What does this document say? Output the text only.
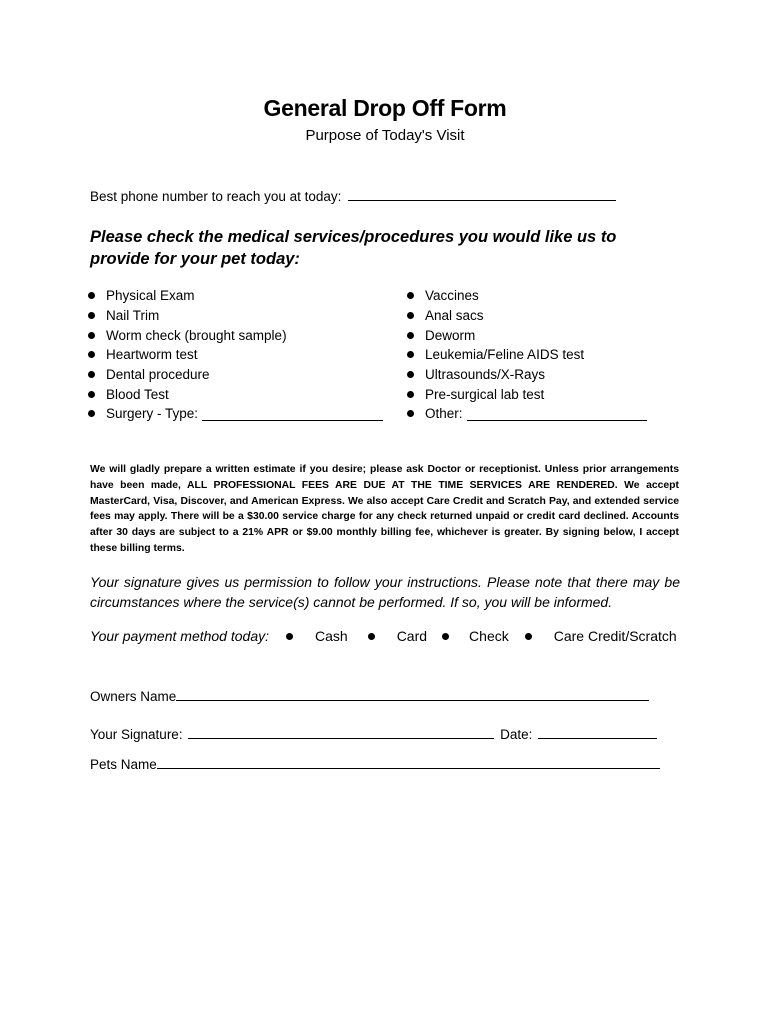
General Drop Off Form
Purpose of Today's Visit
Best phone number to reach you at today:
Please check the medical services/procedures you would like us to provide for your pet today:
Physical Exam
Nail Trim
Worm check (brought sample)
Heartworm test
Dental procedure
Blood Test
Surgery - Type:
Vaccines
Anal sacs
Deworm
Leukemia/Feline AIDS test
Ultrasounds/X-Rays
Pre-surgical lab test
Other:
We will gladly prepare a written estimate if you desire; please ask Doctor or receptionist. Unless prior arrangements have been made, ALL PROFESSIONAL FEES ARE DUE AT THE TIME SERVICES ARE RENDERED. We accept MasterCard, Visa, Discover, and American Express. We also accept Care Credit and Scratch Pay, and extended service fees may apply. There will be a $30.00 service charge for any check returned unpaid or credit card declined. Accounts after 30 days are subject to a 21% APR or $9.00 monthly billing fee, whichever is greater. By signing below, I accept these billing terms.
Your signature gives us permission to follow your instructions. Please note that there may be circumstances where the service(s) cannot be performed. If so, you will be informed.
Your payment method today:	Cash	Card	Check	Care Credit/Scratch
Owners Name
Your Signature:	Date:
Pets Name
